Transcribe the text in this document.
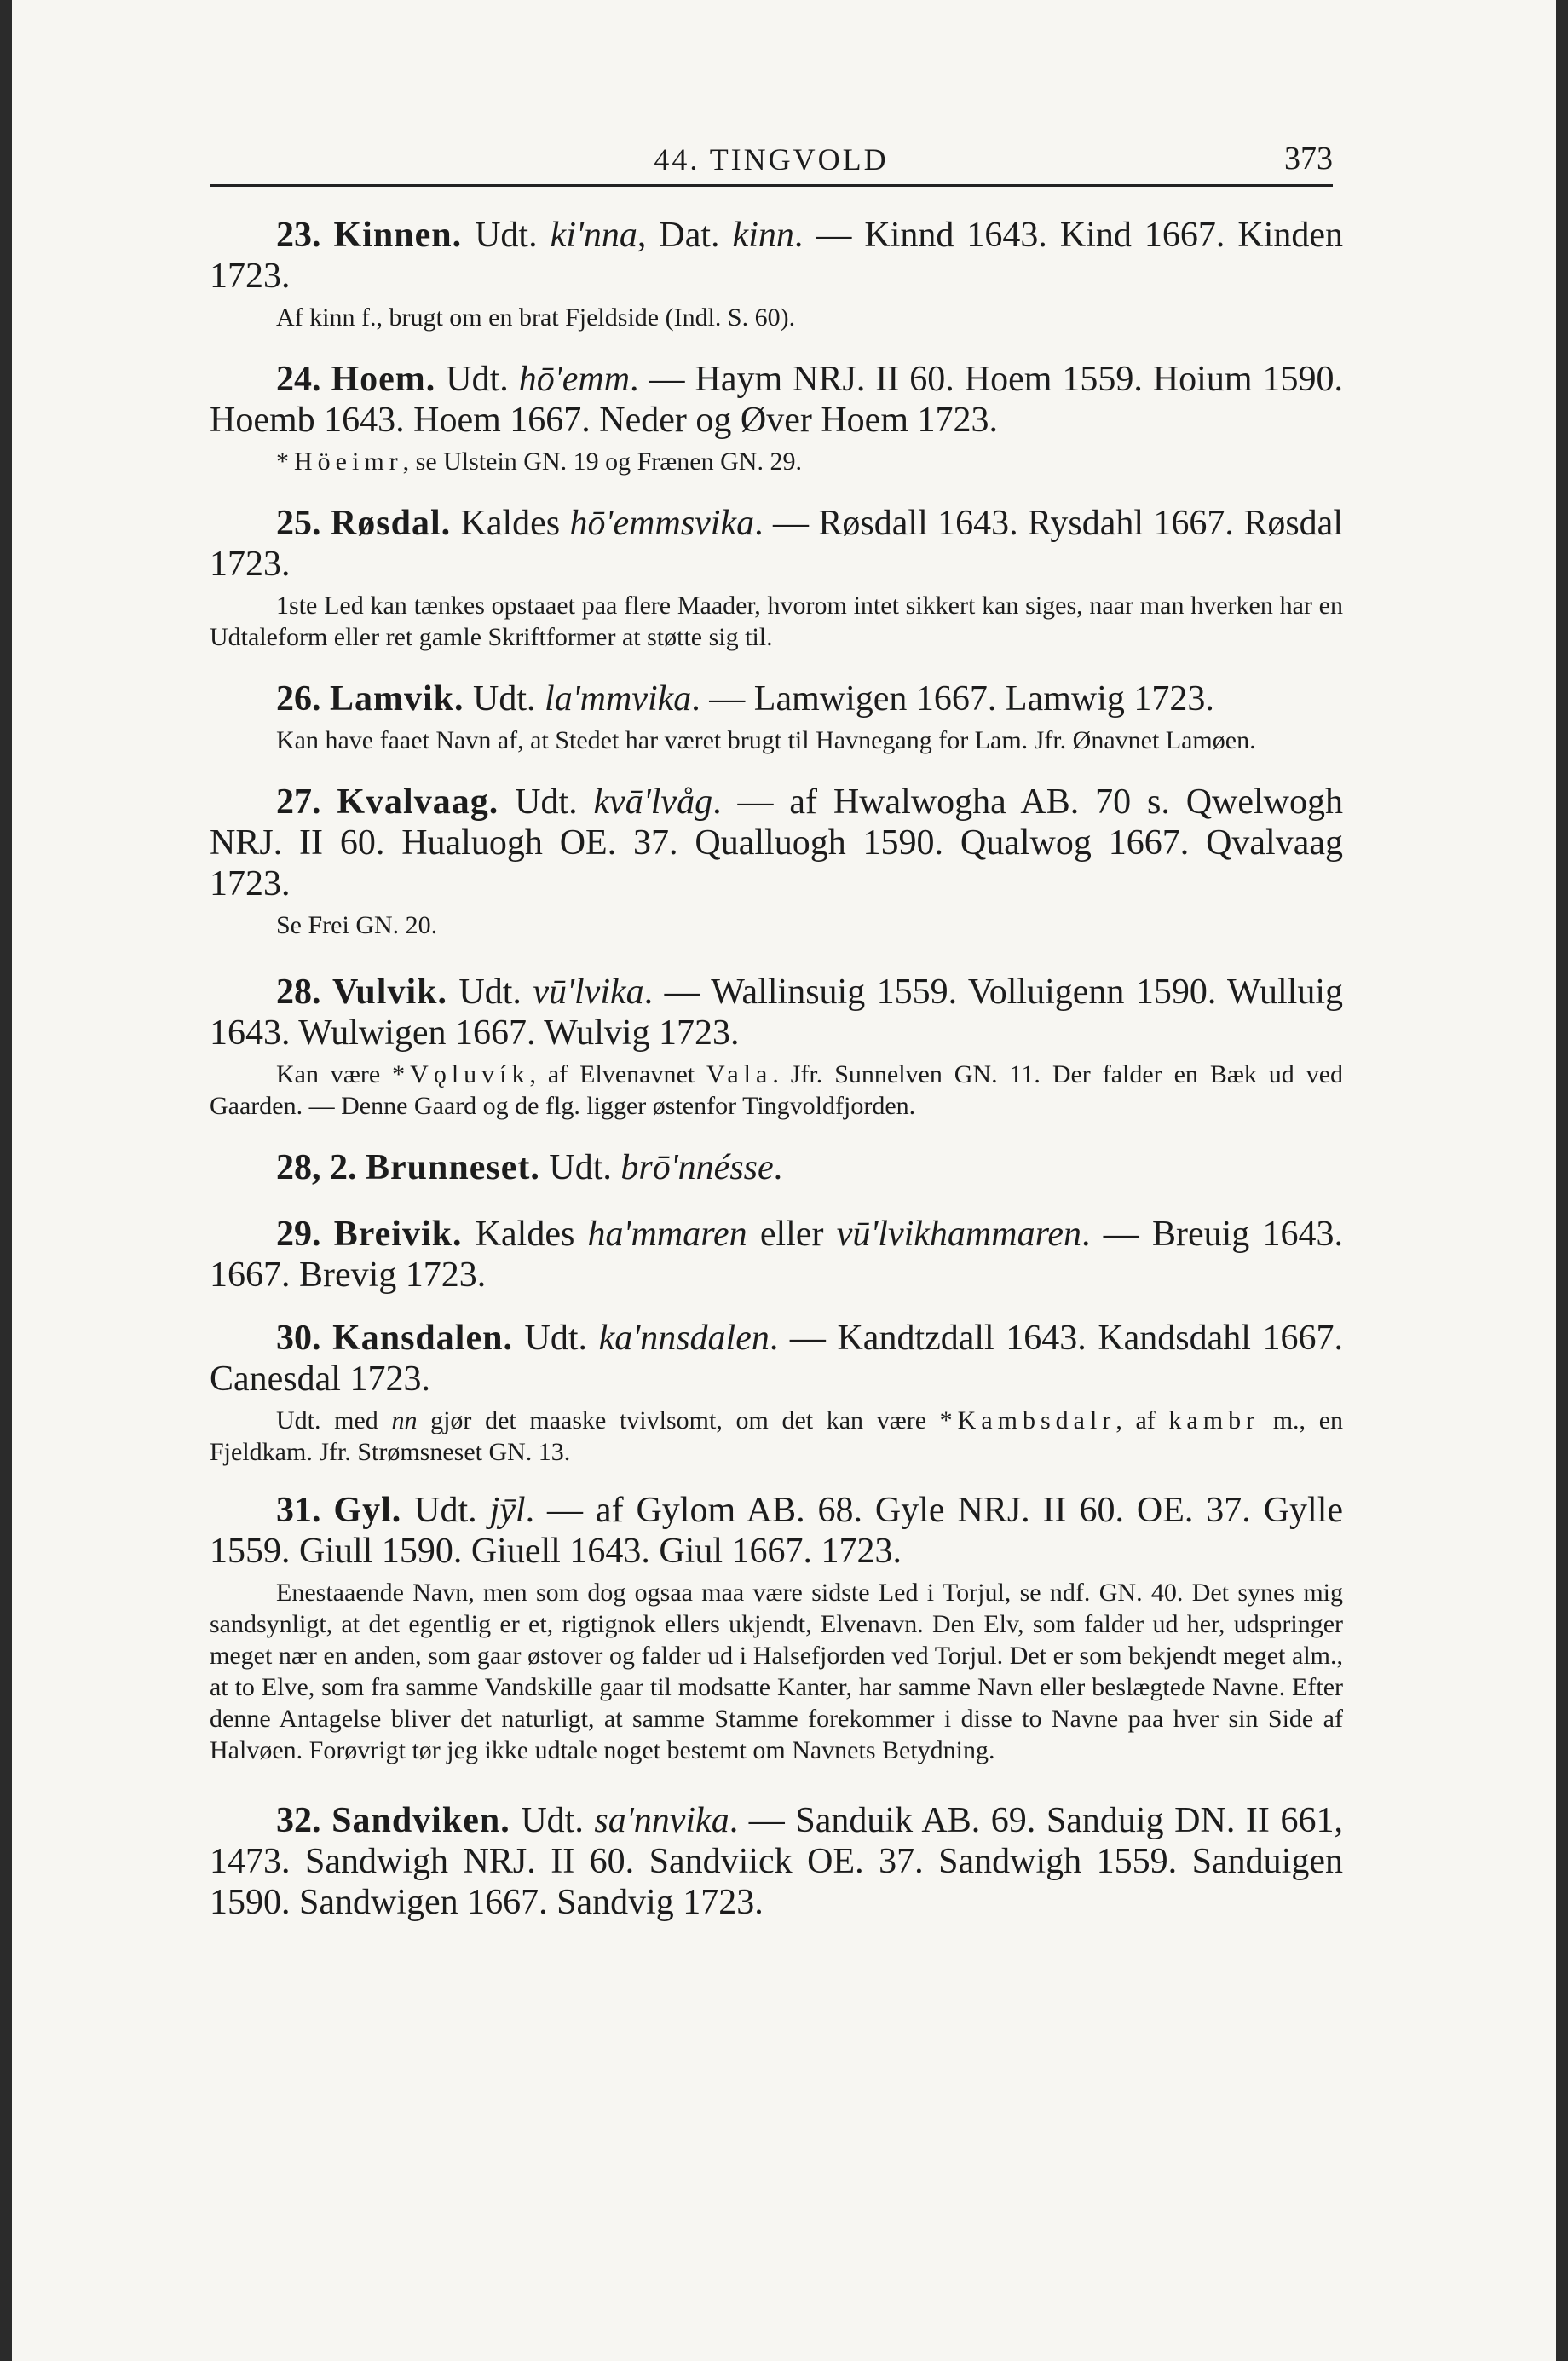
44. TINGVOLD	373

23. Kinnen. Udt. ki'nna, Dat. kinn. — Kinnd 1643. Kind 1667. Kinden 1723.

Af kinn f., brugt om en brat Fjeldside (Indl. S. 60).

24. Hoem. Udt. hō'emm. — Haym NRJ. II 60. Hoem 1559. Hoium 1590. Hoemb 1643. Hoem 1667. Neder og Øver Hoem 1723.

*Höeimr, se Ulstein GN. 19 og Frænen GN. 29.

25. Røsdal. Kaldes hō'emmsvika. — Røsdall 1643. Rysdahl 1667. Røsdal 1723.

1ste Led kan tænkes opstaaet paa flere Maader, hvorom intet sikkert kan siges, naar man hverken har en Udtaleform eller ret gamle Skriftformer at støtte sig til.

26. Lamvik. Udt. la'mmvika. — Lamwigen 1667. Lamwig 1723.

Kan have faaet Navn af, at Stedet har været brugt til Havnegang for Lam. Jfr. Ønavnet Lamøen.

27. Kvalvaag. Udt. kvā'lvåg. — af Hwalwogha AB. 70 s. Qwelwogh NRJ. II 60. Hualuogh OE. 37. Qualluogh 1590. Qualwog 1667. Qvalvaag 1723.

Se Frei GN. 20.

28. Vulvik. Udt. vū'lvika. — Wallinsuig 1559. Volluigenn 1590. Wulluig 1643. Wulwigen 1667. Wulvig 1723.

Kan være *Vǫluvík, af Elvenavnet Vala. Jfr. Sunnelven GN. 11. Der falder en Bæk ud ved Gaarden. — Denne Gaard og de flg. ligger østenfor Tingvoldfjorden.

28, 2. Brunneset. Udt. brō'nnésse.

29. Breivik. Kaldes ha'mmaren eller vū'lvikhammaren. — Breuig 1643. 1667. Brevig 1723.

30. Kansdalen. Udt. ka'nnsdalen. — Kandtzdall 1643. Kandsdahl 1667. Canesdal 1723.

Udt. med nn gjør det maaske tvivlsomt, om det kan være *Kambsdalr, af kambr m., en Fjeldkam. Jfr. Strømsneset GN. 13.

31. Gyl. Udt. jȳl. — af Gylom AB. 68. Gyle NRJ. II 60. OE. 37. Gylle 1559. Giull 1590. Giuell 1643. Giul 1667. 1723.

Enestaaende Navn, men som dog ogsaa maa være sidste Led i Torjul, se ndf. GN. 40. Det synes mig sandsynligt, at det egentlig er et, rigtignok ellers ukjendt, Elvenavn. Den Elv, som falder ud her, udspringer meget nær en anden, som gaar østover og falder ud i Halsefjorden ved Torjul. Det er som bekjendt meget alm., at to Elve, som fra samme Vandskille gaar til modsatte Kanter, har samme Navn eller beslægtede Navne. Efter denne Antagelse bliver det naturligt, at samme Stamme forekommer i disse to Navne paa hver sin Side af Halvøen. Forøvrigt tør jeg ikke udtale noget bestemt om Navnets Betydning.

32. Sandviken. Udt. sa'nnvika. — Sanduik AB. 69. Sanduig DN. II 661, 1473. Sandwigh NRJ. II 60. Sandviick OE. 37. Sandwigh 1559. Sanduigen 1590. Sandwigen 1667. Sandvig 1723.
